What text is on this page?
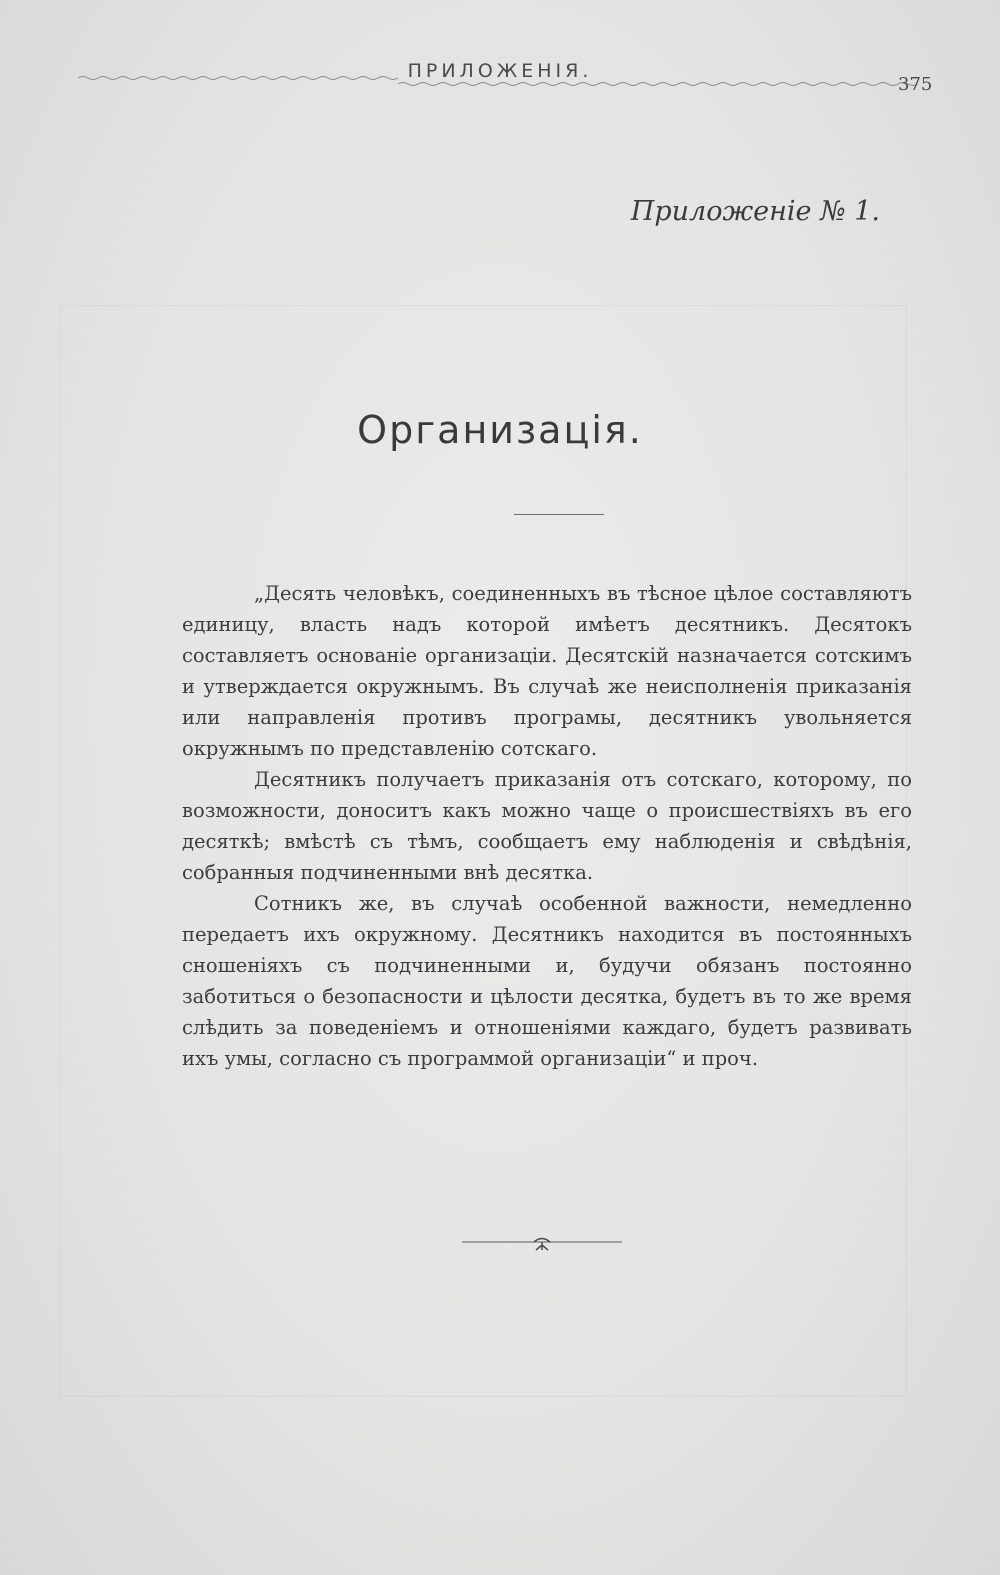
ПРИЛОЖЕНIЯ.
375
Приложенiе № 1.
Организацiя.

„Десять человѣкъ, соединенныхъ въ тѣсное цѣлое составляютъ единицу, власть надъ которой имѣетъ десятникъ. Десятокъ составляетъ основанiе организацiи. Десятскiй назначается сотскимъ и утверждается окружнымъ. Въ случаѣ же неисполненiя приказанiя или направленiя противъ програмы, десятникъ увольняется окружнымъ по представленiю сотскаго.

Десятникъ получаетъ приказанiя отъ сотскаго, которому, по возможности, доноситъ какъ можно чаще о происшествiяхъ въ его десяткѣ; вмѣстѣ съ тѣмъ, сообщаетъ ему наблюденiя и свѣдѣнiя, собранныя подчиненными внѣ десятка.

Сотникъ же, въ случаѣ особенной важности, немедленно передаетъ ихъ окружному. Десятникъ находится въ постоянныхъ сношенiяхъ съ подчиненными и, будучи обязанъ постоянно заботиться о безопасности и цѣлости десятка, будетъ въ то же время слѣдить за поведенiемъ и отношенiями каждаго, будетъ развивать ихъ умы, согласно съ программой организацiи“ и проч.
